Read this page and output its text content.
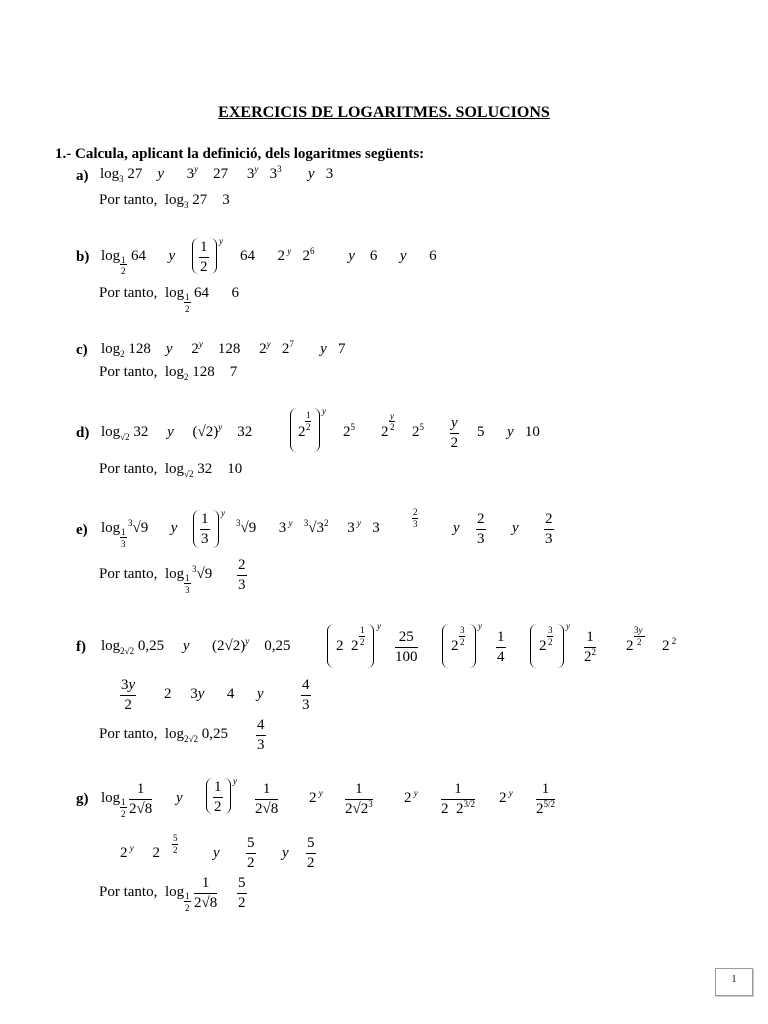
EXERCICIS DE LOGARITMES. SOLUCIONS
1.- Calcula, aplicant la definició, dels logaritmes següents:
a) $\log_3 27$    y      3$^y$    27     3$^y$   $3^3$ y   3
Por tanto,  $\log_3 27$    3
b) log 1
2
64      y $\frac{1}{2}$ y
64      2 $^y$   $2^6$ y    6      y      6
Por tanto, log 1
2
64      6
c) $\log_2 128$    y     2$^y$    128     2$^y$   $2^7$ y   7
Por tanto,  $\log_2 128$    7
d) $\log_{√2} 32$     y     $(√2)^y$    32	2
1
2
y
$2^5$ 2
y
2 $2^5 \frac{y}{2} 5$      y   10
Por tanto,  $\log_{√2} 32$    10
e) log 1
3
$^3$√9      y $\frac{1}{3}$ y
$^3$√9      3 $^y$ $^3√3^2$     3 $^y$   3
2
3 y $\frac{2}{3}$ y $\frac{2}{3}$
Por tanto, log 1
3
$^3√9 \frac{2}{3}$
f) $\log_{2√2} 0,25$     y      $(2√2)^y$    0,25	2  2
1
2
y
$\frac{25}{100} 2$
3
2
y
$\frac{1}{4} 2$
3
2
y
$\frac{1}{2^2} 2$
3y
2 2 $^2$
$\frac{3y}{2} 2$     3y      4      y $\frac{4}{3}$
Por tanto,  $\log_{2√2} 0,25 \frac{4}{3}$
g) log 1
$2 \frac{1}{2√8}$ y $\frac{1}{2}$ y
$\frac{1}{2√8} 2$ $^y \frac{1}{2√2^3} 2$ $^y \frac{1}{2 2^{3/2}} 2$ $^y \frac{1}{2^{5/2}}$
2 $^y$     2
5
2 y $\frac{5}{2}$ y $\frac{5}{2}$
Por tanto, log 1
$2 \frac{1}{2√8} \frac{5}{2}$
1
